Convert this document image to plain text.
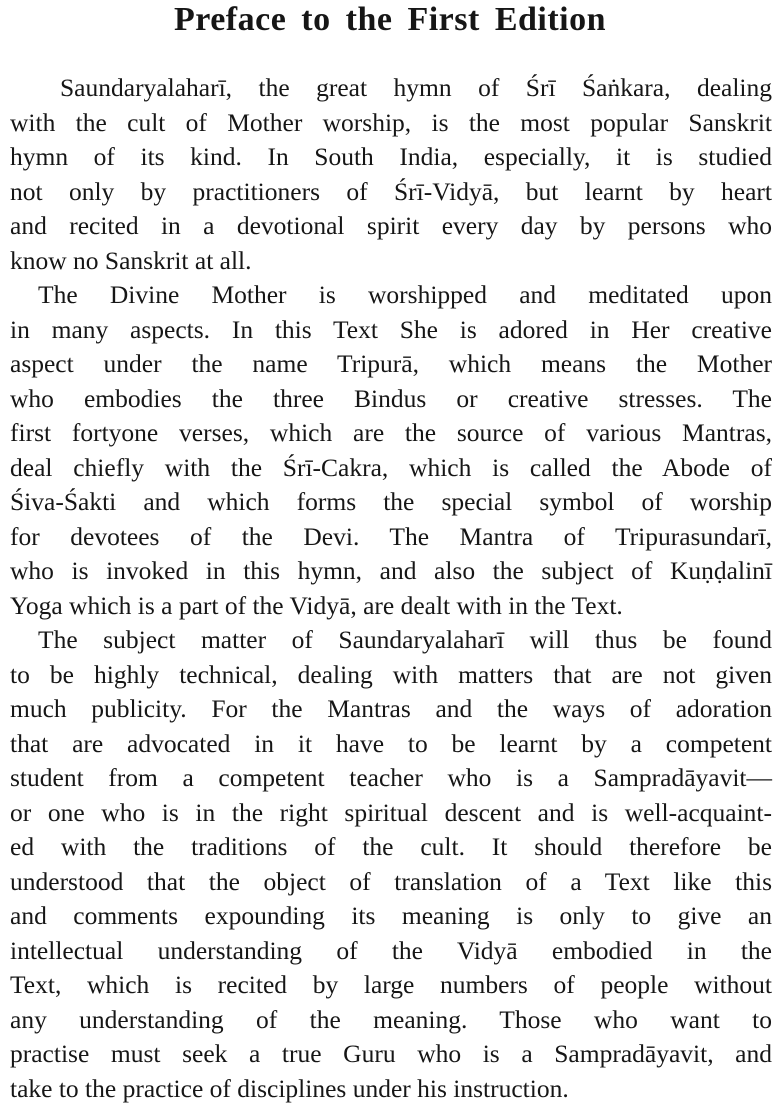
Preface to the First Edition
Saundaryalaharī, the great hymn of Śrī Śaṅkara, dealing
with the cult of Mother worship, is the most popular Sanskrit
hymn of its kind. In South India, especially, it is studied
not only by practitioners of Śrī-Vidyā, but learnt by heart
and recited in a devotional spirit every day by persons who
know no Sanskrit at all.
The Divine Mother is worshipped and meditated upon
in many aspects. In this Text She is adored in Her creative
aspect under the name Tripurā, which means the Mother
who embodies the three Bindus or creative stresses. The
first fortyone verses, which are the source of various Mantras,
deal chiefly with the Śrī-Cakra, which is called the Abode of
Śiva-Śakti and which forms the special symbol of worship
for devotees of the Devi. The Mantra of Tripurasundarī,
who is invoked in this hymn, and also the subject of Kuṇḍalinī
Yoga which is a part of the Vidyā, are dealt with in the Text.
The subject matter of Saundaryalaharī will thus be found
to be highly technical, dealing with matters that are not given
much publicity. For the Mantras and the ways of adoration
that are advocated in it have to be learnt by a competent
student from a competent teacher who is a Sampradāyavit—
or one who is in the right spiritual descent and is well-acquaint-
ed with the traditions of the cult. It should therefore be
understood that the object of translation of a Text like this
and comments expounding its meaning is only to give an
intellectual understanding of the Vidyā embodied in the
Text, which is recited by large numbers of people without
any understanding of the meaning. Those who want to
practise must seek a true Guru who is a Sampradāyavit, and
take to the practice of disciplines under his instruction.
